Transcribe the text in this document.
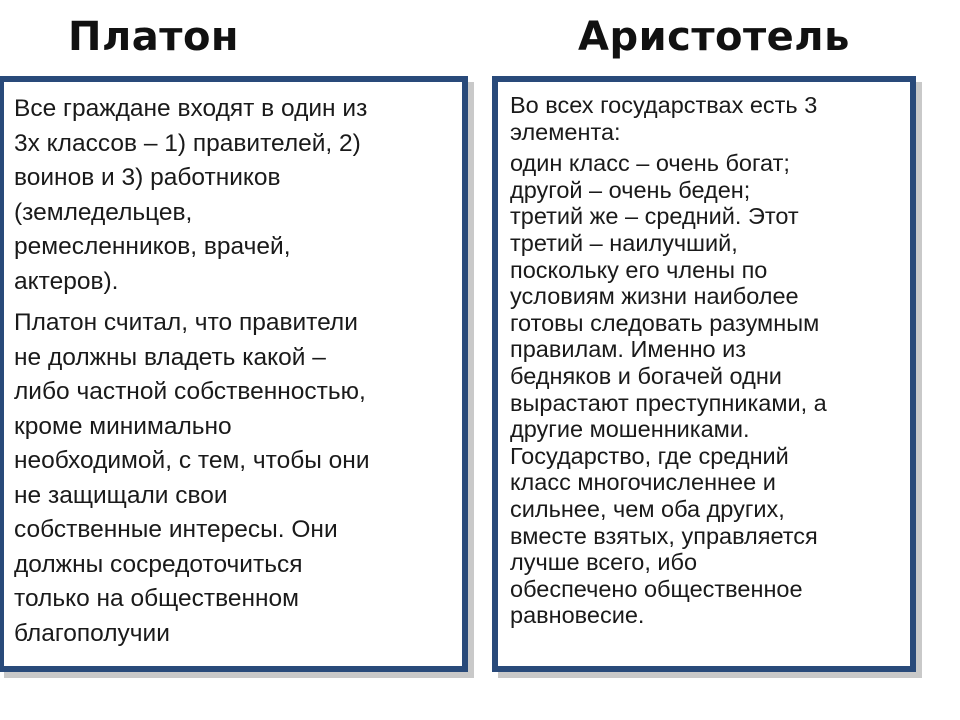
Платон	Аристотель

Все граждане входят в один из
3х классов – 1) правителей, 2)
воинов и 3) работников
(земледельцев,
ремесленников, врачей,
актеров).

Платон считал, что правители
не должны владеть какой –
либо частной собственностью,
кроме минимально
необходимой, с тем, чтобы они
не защищали свои
собственные интересы. Они
должны сосредоточиться
только на общественном
благополучии

Во всех государствах есть 3
элемента:

один класс – очень богат;
другой – очень беден;
третий же – средний. Этот
третий – наилучший,
поскольку его члены по
условиям жизни наиболее
готовы следовать разумным
правилам. Именно из
бедняков и богачей одни
вырастают преступниками, а
другие мошенниками.
Государство, где средний
класс многочисленнее и
сильнее, чем оба других,
вместе взятых, управляется
лучше всего, ибо
обеспечено общественное
равновесие.
